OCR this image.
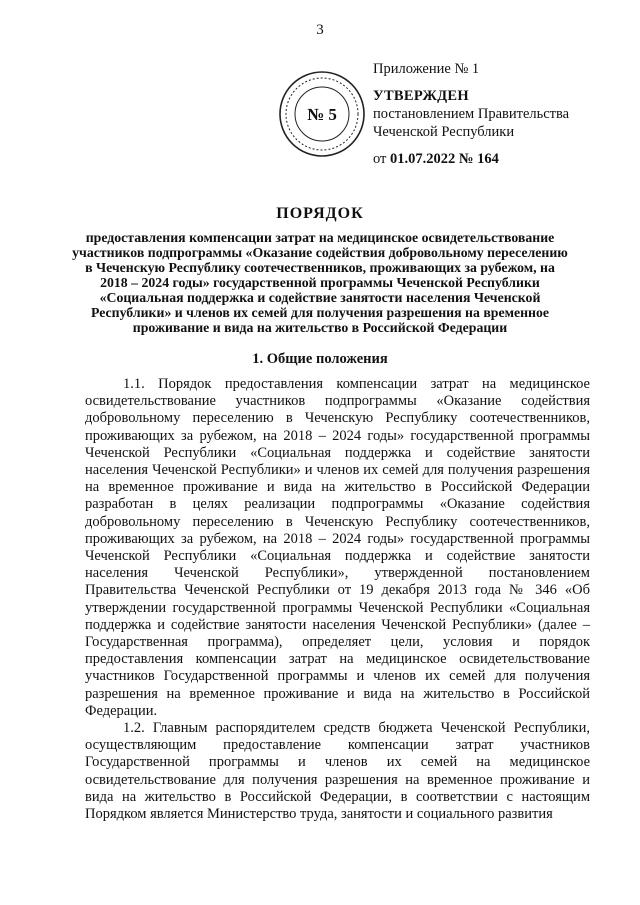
3
№ 5
Приложение № 1
УТВЕРЖДЕН
постановлением Правительства
Чеченской Республики
от 01.07.2022 № 164
ПОРЯДОК
предоставления компенсации затрат на медицинское освидетельствование участников подпрограммы «Оказание содействия добровольному переселению в Чеченскую Республику соотечественников, проживающих за рубежом, на 2018 – 2024 годы» государственной программы Чеченской Республики «Социальная поддержка и содействие занятости населения Чеченской Республики» и членов их семей для получения разрешения на временное проживание и вида на жительство в Российской Федерации
1. Общие положения

1.1. Порядок предоставления компенсации затрат на медицинское освидетельствование участников подпрограммы «Оказание содействия добровольному переселению в Чеченскую Республику соотечественников, проживающих за рубежом, на 2018 – 2024 годы» государственной программы Чеченской Республики «Социальная поддержка и содействие занятости населения Чеченской Республики» и членов их семей для получения разрешения на временное проживание и вида на жительство в Российской Федерации разработан в целях реализации подпрограммы «Оказание содействия добровольному переселению в Чеченскую Республику соотечественников, проживающих за рубежом, на 2018 – 2024 годы» государственной программы Чеченской Республики «Социальная поддержка и содействие занятости населения Чеченской Республики», утвержденной постановлением Правительства Чеченской Республики от 19 декабря 2013 года № 346 «Об утверждении государственной программы Чеченской Республики «Социальная поддержка и содействие занятости населения Чеченской Республики» (далее – Государственная программа), определяет цели, условия и порядок предоставления компенсации затрат на медицинское освидетельствование участников Государственной программы и членов их семей для получения разрешения на временное проживание и вида на жительство в Российской Федерации.

1.2. Главным распорядителем средств бюджета Чеченской Республики, осуществляющим предоставление компенсации затрат участников Государственной программы и членов их семей на медицинское освидетельствование для получения разрешения на временное проживание и вида на жительство в Российской Федерации, в соответствии с настоящим Порядком является Министерство труда, занятости и социального развития
